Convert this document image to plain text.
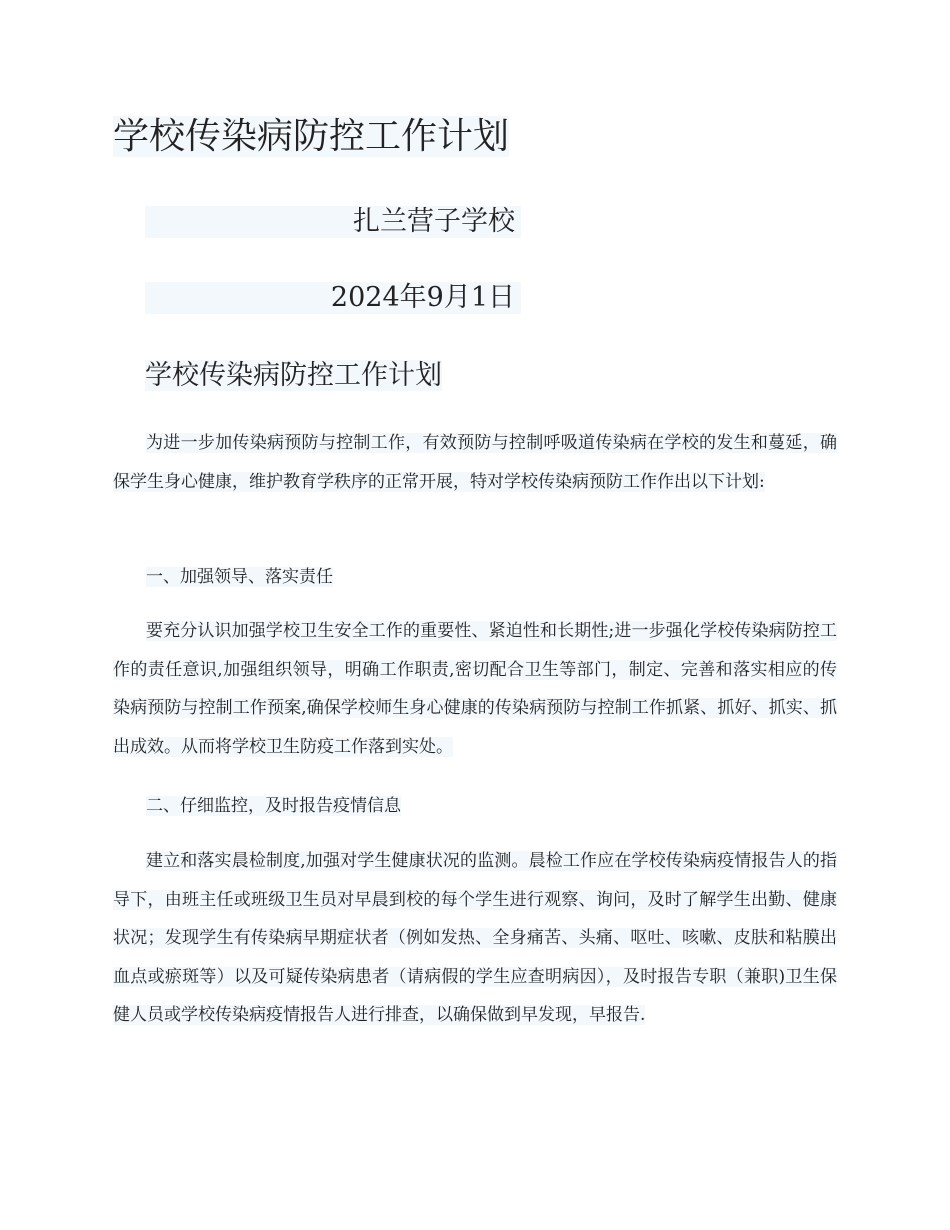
学校传染病防控工作计划
扎兰营子学校
2024年9月1日
学校传染病防控工作计划

为进一步加传染病预防与控制工作，有效预防与控制呼吸道传染病在学校的发生和蔓延，确保学生身心健康，维护教育学秩序的正常开展，特对学校传染病预防工作作出以下计划:

一、加强领导、落实责任

要充分认识加强学校卫生安全工作的重要性、紧迫性和长期性;进一步强化学校传染病防控工作的责任意识,加强组织领导，明确工作职责,密切配合卫生等部门，制定、完善和落实相应的传染病预防与控制工作预案,确保学校师生身心健康的传染病预防与控制工作抓紧、抓好、抓实、抓出成效。从而将学校卫生防疫工作落到实处。

二、仔细监控，及时报告疫情信息

建立和落实晨检制度,加强对学生健康状况的监测。晨检工作应在学校传染病疫情报告人的指导下，由班主任或班级卫生员对早晨到校的每个学生进行观察、询问，及时了解学生出勤、健康状况；发现学生有传染病早期症状者（例如发热、全身痛苦、头痛、呕吐、咳嗽、皮肤和粘膜出血点或瘀斑等）以及可疑传染病患者（请病假的学生应查明病因），及时报告专职（兼职)卫生保健人员或学校传染病疫情报告人进行排查，以确保做到早发现，早报告.
